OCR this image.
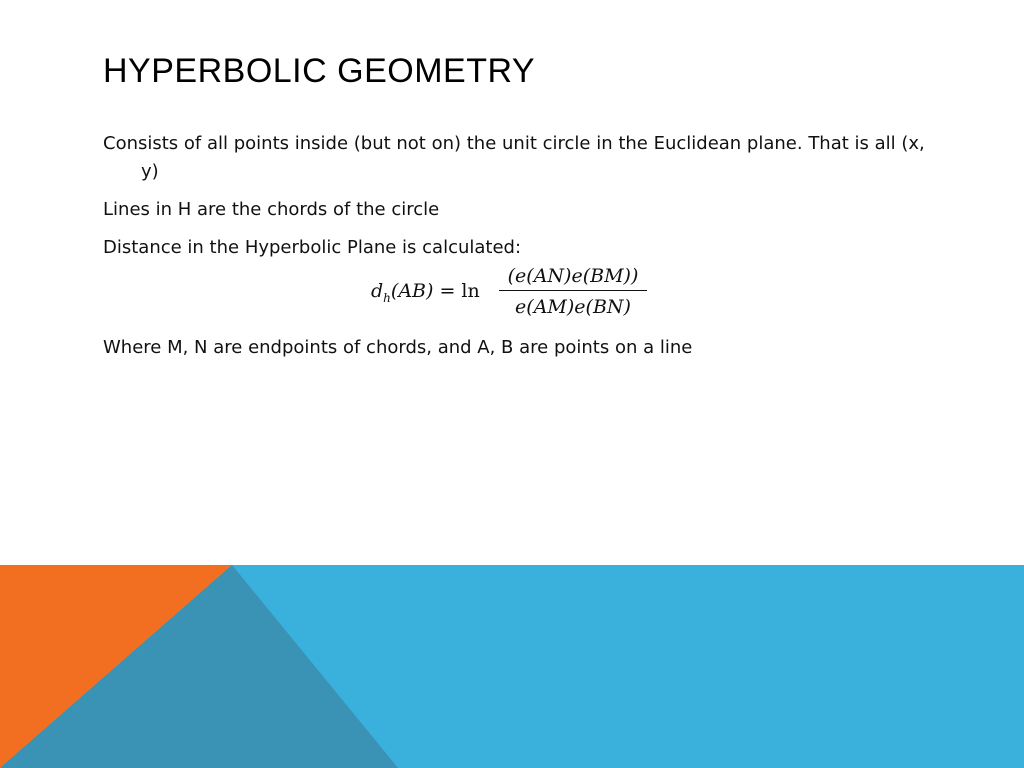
HYPERBOLIC GEOMETRY

Consists of all points inside (but not on) the unit circle in the Euclidean plane. That is all (x, y)

Lines in H are the chords of the circle

Distance in the Hyperbolic Plane is calculated:

$d_h(AB) = \ln$
(e(AN)e(BM))
e(AM)e(BN)

Where M, N are endpoints of chords, and A, B are points on a line
